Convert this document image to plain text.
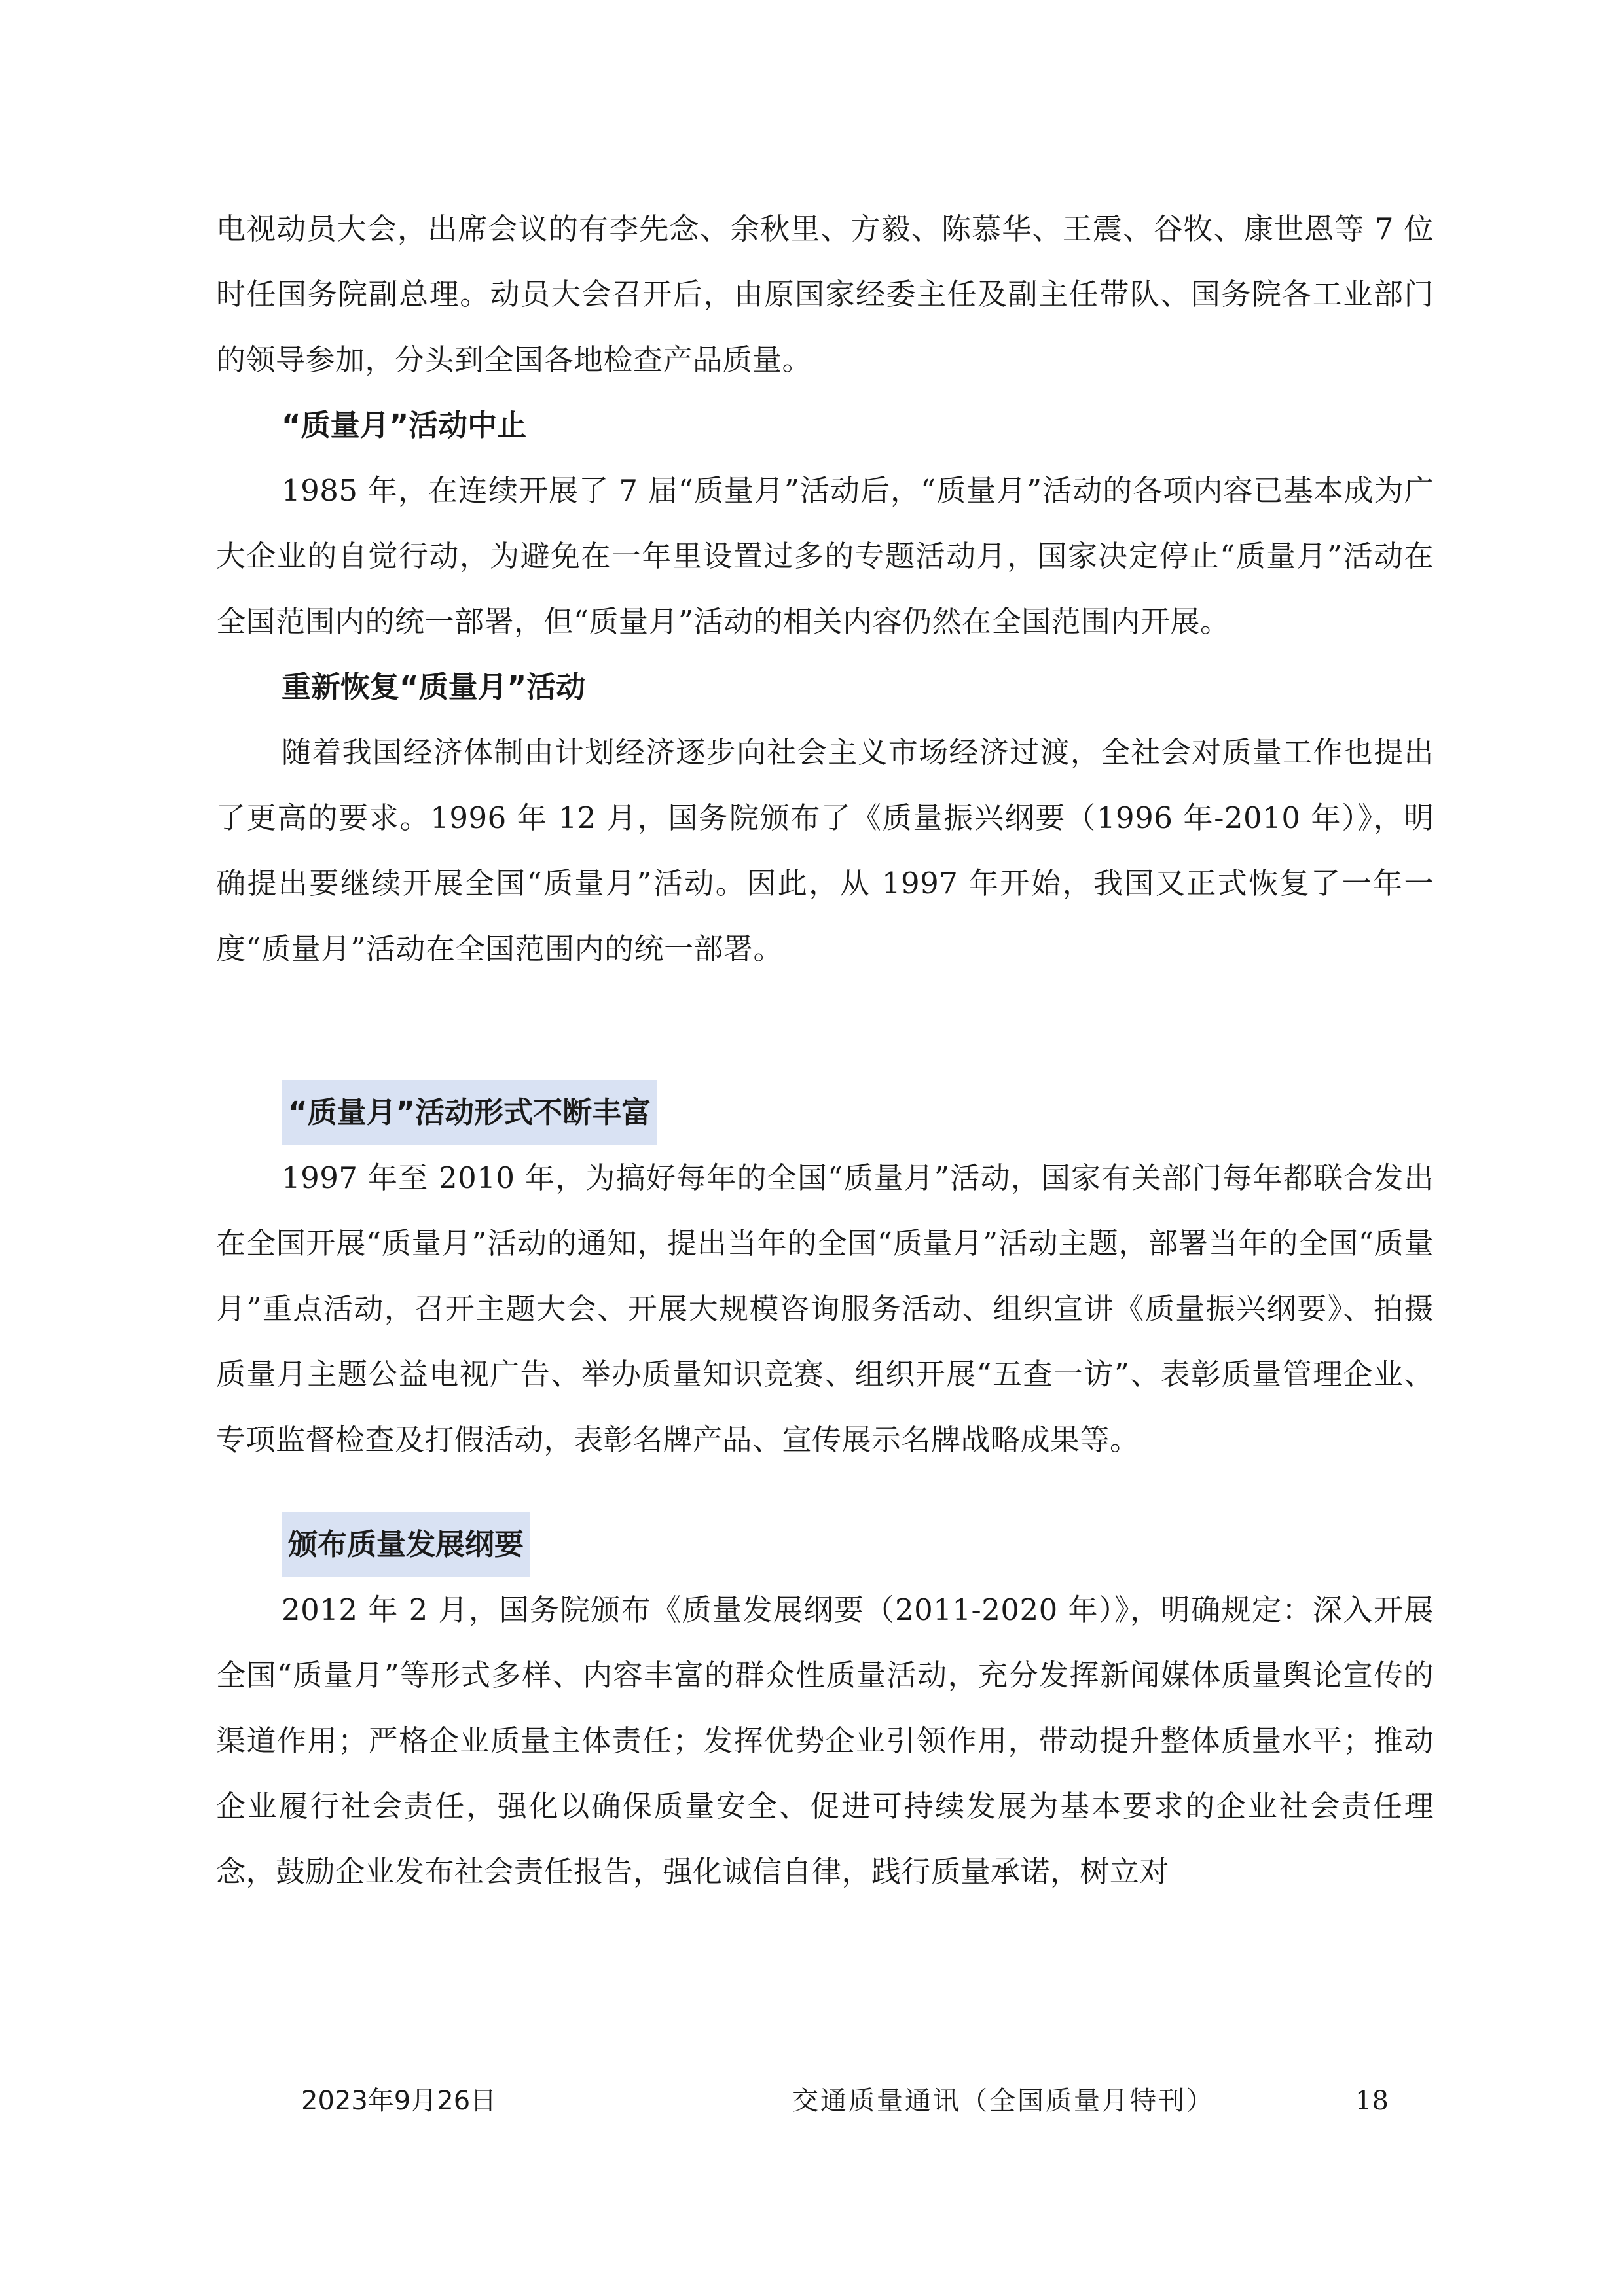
电视动员大会，出席会议的有李先念、余秋里、方毅、陈慕华、王震、谷牧、康世恩等 7 位时任国务院副总理。动员大会召开后，由原国家经委主任及副主任带队、国务院各工业部门的领导参加，分头到全国各地检查产品质量。

“质量月”活动中止

1985 年，在连续开展了 7 届“质量月”活动后，“质量月”活动的各项内容已基本成为广大企业的自觉行动，为避免在一年里设置过多的专题活动月，国家决定停止“质量月”活动在全国范围内的统一部署，但“质量月”活动的相关内容仍然在全国范围内开展。

重新恢复“质量月”活动

随着我国经济体制由计划经济逐步向社会主义市场经济过渡，全社会对质量工作也提出了更高的要求。1996 年 12 月，国务院颁布了《质量振兴纲要（1996 年-2010 年）》，明确提出要继续开展全国“质量月”活动。因此，从 1997 年开始，我国又正式恢复了一年一度“质量月”活动在全国范围内的统一部署。

“质量月”活动形式不断丰富

1997 年至 2010 年，为搞好每年的全国“质量月”活动，国家有关部门每年都联合发出在全国开展“质量月”活动的通知，提出当年的全国“质量月”活动主题，部署当年的全国“质量月”重点活动，召开主题大会、开展大规模咨询服务活动、组织宣讲《质量振兴纲要》、拍摄质量月主题公益电视广告、举办质量知识竞赛、组织开展“五查一访”、表彰质量管理企业、专项监督检查及打假活动，表彰名牌产品、宣传展示名牌战略成果等。

颁布质量发展纲要

2012 年 2 月，国务院颁布《质量发展纲要（2011-2020 年）》，明确规定：深入开展全国“质量月”等形式多样、内容丰富的群众性质量活动，充分发挥新闻媒体质量舆论宣传的渠道作用；严格企业质量主体责任；发挥优势企业引领作用，带动提升整体质量水平；推动企业履行社会责任，强化以确保质量安全、促进可持续发展为基本要求的企业社会责任理念，鼓励企业发布社会责任报告，强化诚信自律，践行质量承诺，树立对

2023年9月26日	交通质量通讯（全国质量月特刊）	18
